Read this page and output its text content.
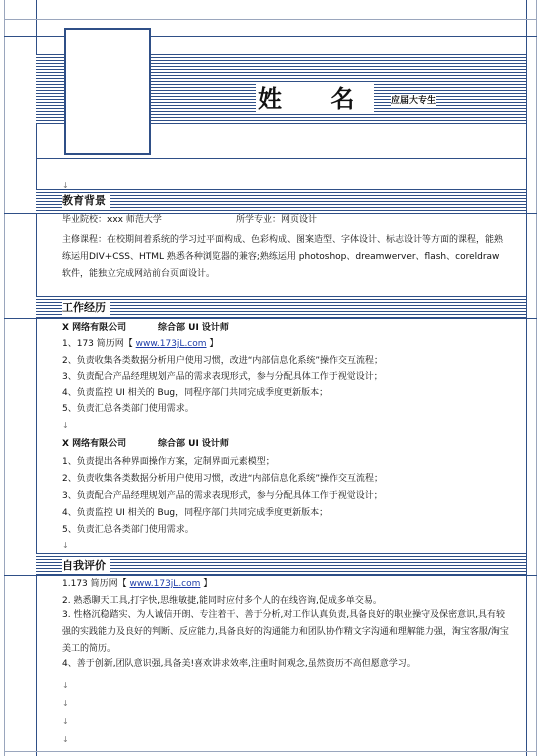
姓 名 应届大专生
教育背景
毕业院校：xxx 师范大学	所学专业：网页设计
主修课程：在校期间着系统的学习过平面构成、色彩构成、图案造型、字体设计、标志设计等方面的课程，能熟练运用DIV+CSS、HTML 熟悉各种浏览器的兼容;熟练运用 photoshop、dreamwerver、flash、coreldraw 软件，能独立完成网站前台页面设计。
工作经历
X 网络有限公司	综合部 UI 设计师
1、173 简历网【 www.173jL.com 】
2、负责收集各类数据分析用户使用习惯，改进“内部信息化系统”操作交互流程；
3、负责配合产品经理规划产品的需求表现形式，参与分配具体工作于视觉设计；
4、负责监控 UI 相关的 Bug，同程序部门共同完成季度更新版本；
5、负责汇总各类部门使用需求。
X 网络有限公司	综合部 UI 设计师
1、负责提出各种界面操作方案，定制界面元素模型；
2、负责收集各类数据分析用户使用习惯，改进“内部信息化系统”操作交互流程；
3、负责配合产品经理规划产品的需求表现形式，参与分配具体工作于视觉设计；
4、负责监控 UI 相关的 Bug，同程序部门共同完成季度更新版本；
5、负责汇总各类部门使用需求。
自我评价
1.173 简历网【 www.173jL.com 】
2. 熟悉聊天工具,打字快,思维敏捷,能同时应付多个人的在线咨询,促成多单交易。
3. 性格沉稳踏实、为人诚信开朗、专注着干、善于分析,对工作认真负责,具备良好的职业操守及保密意识,具有较强的实践能力及良好的判断、反应能力,具备良好的沟通能力和团队协作精文字沟通和理解能力强，淘宝客服/淘宝美工的简历。
4、善于创新,团队意识强,具备美!喜欢讲求效率,注重时间观念,虽然资历不高但愿意学习。
↓
↓
↓
↓
↓
↓
↓
